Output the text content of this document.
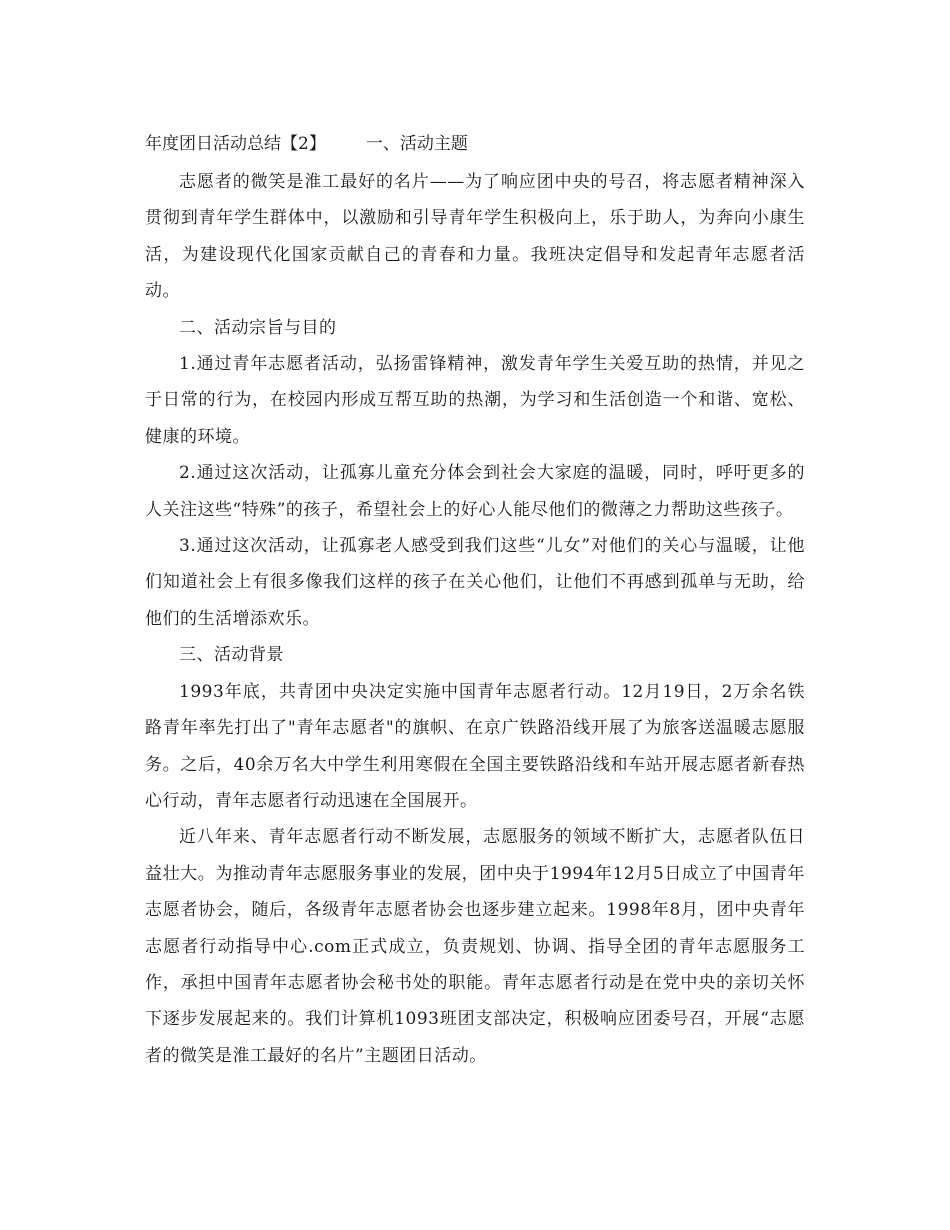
年度团日活动总结【2】 一、活动主题

志愿者的微笑是淮工最好的名片——为了响应团中央的号召，将志愿者精神深入贯彻到青年学生群体中，以激励和引导青年学生积极向上，乐于助人，为奔向小康生活，为建设现代化国家贡献自己的青春和力量。我班决定倡导和发起青年志愿者活动。

二、活动宗旨与目的

1.通过青年志愿者活动，弘扬雷锋精神，激发青年学生关爱互助的热情，并见之于日常的行为，在校园内形成互帮互助的热潮，为学习和生活创造一个和谐、宽松、健康的环境。

2.通过这次活动，让孤寡儿童充分体会到社会大家庭的温暖，同时，呼吁更多的人关注这些“特殊”的孩子，希望社会上的好心人能尽他们的微薄之力帮助这些孩子。

3.通过这次活动，让孤寡老人感受到我们这些“儿女”对他们的关心与温暖，让他们知道社会上有很多像我们这样的孩子在关心他们，让他们不再感到孤单与无助，给他们的生活增添欢乐。

三、活动背景

1993年底，共青团中央决定实施中国青年志愿者行动。12月19日，2万余名铁路青年率先打出了"青年志愿者"的旗帜、在京广铁路沿线开展了为旅客送温暖志愿服务。之后，40余万名大中学生利用寒假在全国主要铁路沿线和车站开展志愿者新春热心行动，青年志愿者行动迅速在全国展开。

近八年来、青年志愿者行动不断发展，志愿服务的领域不断扩大，志愿者队伍日益壮大。为推动青年志愿服务事业的发展，团中央于1994年12月5日成立了中国青年志愿者协会，随后，各级青年志愿者协会也逐步建立起来。1998年8月，团中央青年志愿者行动指导中心.com正式成立，负责规划、协调、指导全团的青年志愿服务工作，承担中国青年志愿者协会秘书处的职能。青年志愿者行动是在党中央的亲切关怀下逐步发展起来的。我们计算机1093班团支部决定，积极响应团委号召，开展“志愿者的微笑是淮工最好的名片”主题团日活动。
